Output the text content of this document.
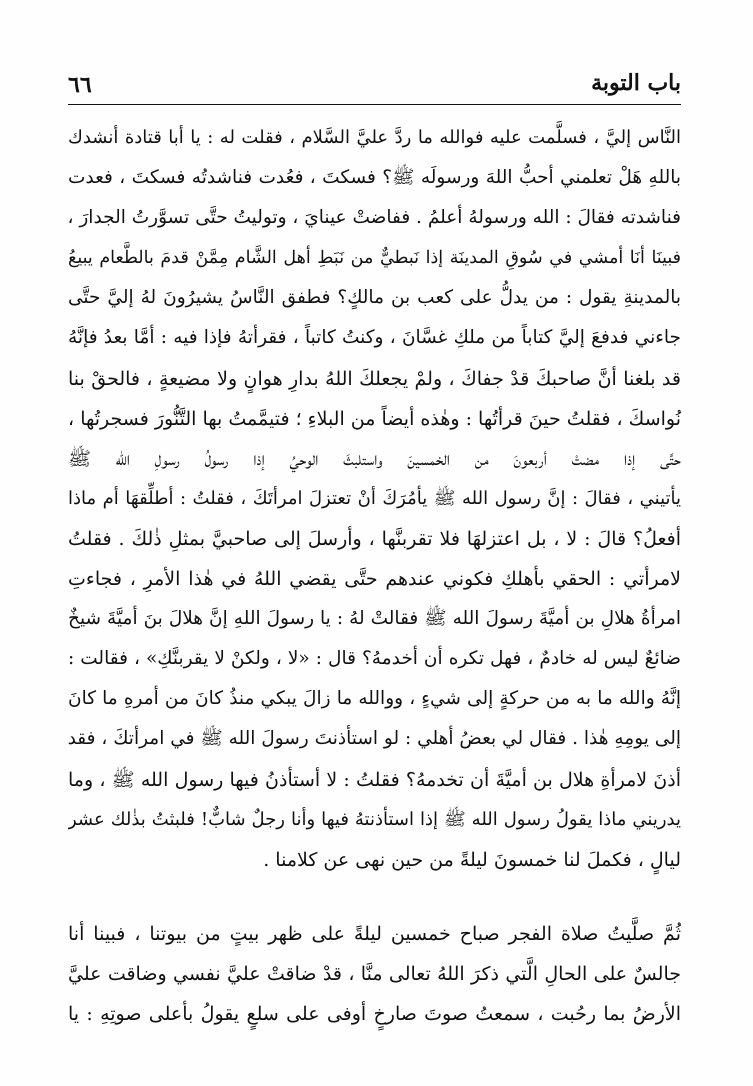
٦٦	باب التوبة
النَّاس إليَّ ، فسلَّمت عليه فوالله ما ردَّ عليَّ السَّلام ، فقلت له : يا أبا قتادة أنشدك
باللهِ هَلْ تعلمني أحبُّ اللهَ ورسولَه ﷺ؟ فسكتَ ، فعُدت فناشدتُه فسكتَ ، فعدت
فناشدته فقالَ : الله ورسولهُ أعلمُ . ففاضتْ عينايَ ، وتوليتُ حتَّى تسوَّرتُ الجدارَ ،
فبينَا أنَا أمشي في سُوقِ المدينَة إذا نَبطيٌّ من نَبَطِ أهل الشَّام مِمَّنْ قدمَ بالطَّعام يبيعُ
بالمدينةِ يقول : من يدلُّ على كعب بن مالكٍ؟ فطفق النَّاسُ يشيرُونَ لهُ إليَّ حتَّى
جاءني فدفعَ إليَّ كتاباً من ملكِ غسَّانَ ، وكنتُ كاتباً ، فقرأتهُ فإذا فيه : أمَّا بعدُ فإنَّهُ
قد بلغنا أنَّ صاحبكَ قدْ جفاكَ ، ولمْ يجعلكَ اللهُ بدارِ هوانٍ ولا مضيعةٍ ، فالحقْ بنا
نُواسكَ ، فقلتُ حينَ قرأتُها : وهٰذه أيضاً من البلاءِ ؛ فتيمَّمتُ بها التَّنُّورَ فسجرتُها ،
حتَّى إذا مضتْ أربعونَ من الخمسينَ واستلبثَ الوحيُ إذا رسولُ رسولِ الله ﷺ
يأتيني ، فقالَ : إنَّ رسول الله ﷺ يأمُرَكَ أنْ تعتزلَ امرأتَكَ ، فقلتُ : أطلِّقهَا أم ماذا
أفعلُ؟ قالَ : لا ، بل اعتزلهَا فلا تقربنَّها ، وأرسلَ إلى صاحبيَّ بمثلِ ذٰلكَ . فقلتُ
لامرأتي : الحقي بأهلكِ فكوني عندهم حتَّى يقضي اللهُ في هٰذا الأمرِ ، فجاءتِ
امرأةُ هلالِ بن أميَّةَ رسولَ الله ﷺ فقالتْ لهُ : يا رسولَ اللهِ إنَّ هلالَ بنَ أميَّةَ شيخٌ
ضائعٌ ليس له خادمٌ ، فهل تكره أن أخدمهُ؟ قال : «لا ، ولكنْ لا يقربنَّكِ» ، فقالت :
إنَّهُ والله ما به من حركةٍ إلى شيءٍ ، ووالله ما زالَ يبكي منذُ كانَ من أمرهِ ما كانَ
إلى يومِهِ هٰذا . فقال لي بعضُ أهلي : لو استأذنتَ رسولَ الله ﷺ في امرأتكَ ، فقد
أذنَ لامرأةِ هلال بن أميَّةَ أن تخدمهُ؟ فقلتُ : لا أستأذنُ فيها رسول الله ﷺ ، وما
يدريني ماذا يقولُ رسول الله ﷺ إذا استأذنتهُ فيها وأنا رجلٌ شابٌّ! فلبثتُ بذٰلك عشر
ليالٍ ، فكملَ لنا خمسونَ ليلةً من حين نهى عن كلامنا .
ثُمَّ صلَّيتُ صلاة الفجر صباح خمسين ليلةً على ظهر بيتٍ من بيوتنا ، فبينا أنا
جالسٌ على الحالِ الَّتي ذكرَ اللهُ تعالى منَّا ، قدْ ضاقتْ عليَّ نفسي وضاقت عليَّ
الأرضُ بما رحُبت ، سمعتُ صوتَ صارخٍ أوفى على سلعٍ يقولُ بأعلى صوتِهِ : يا
